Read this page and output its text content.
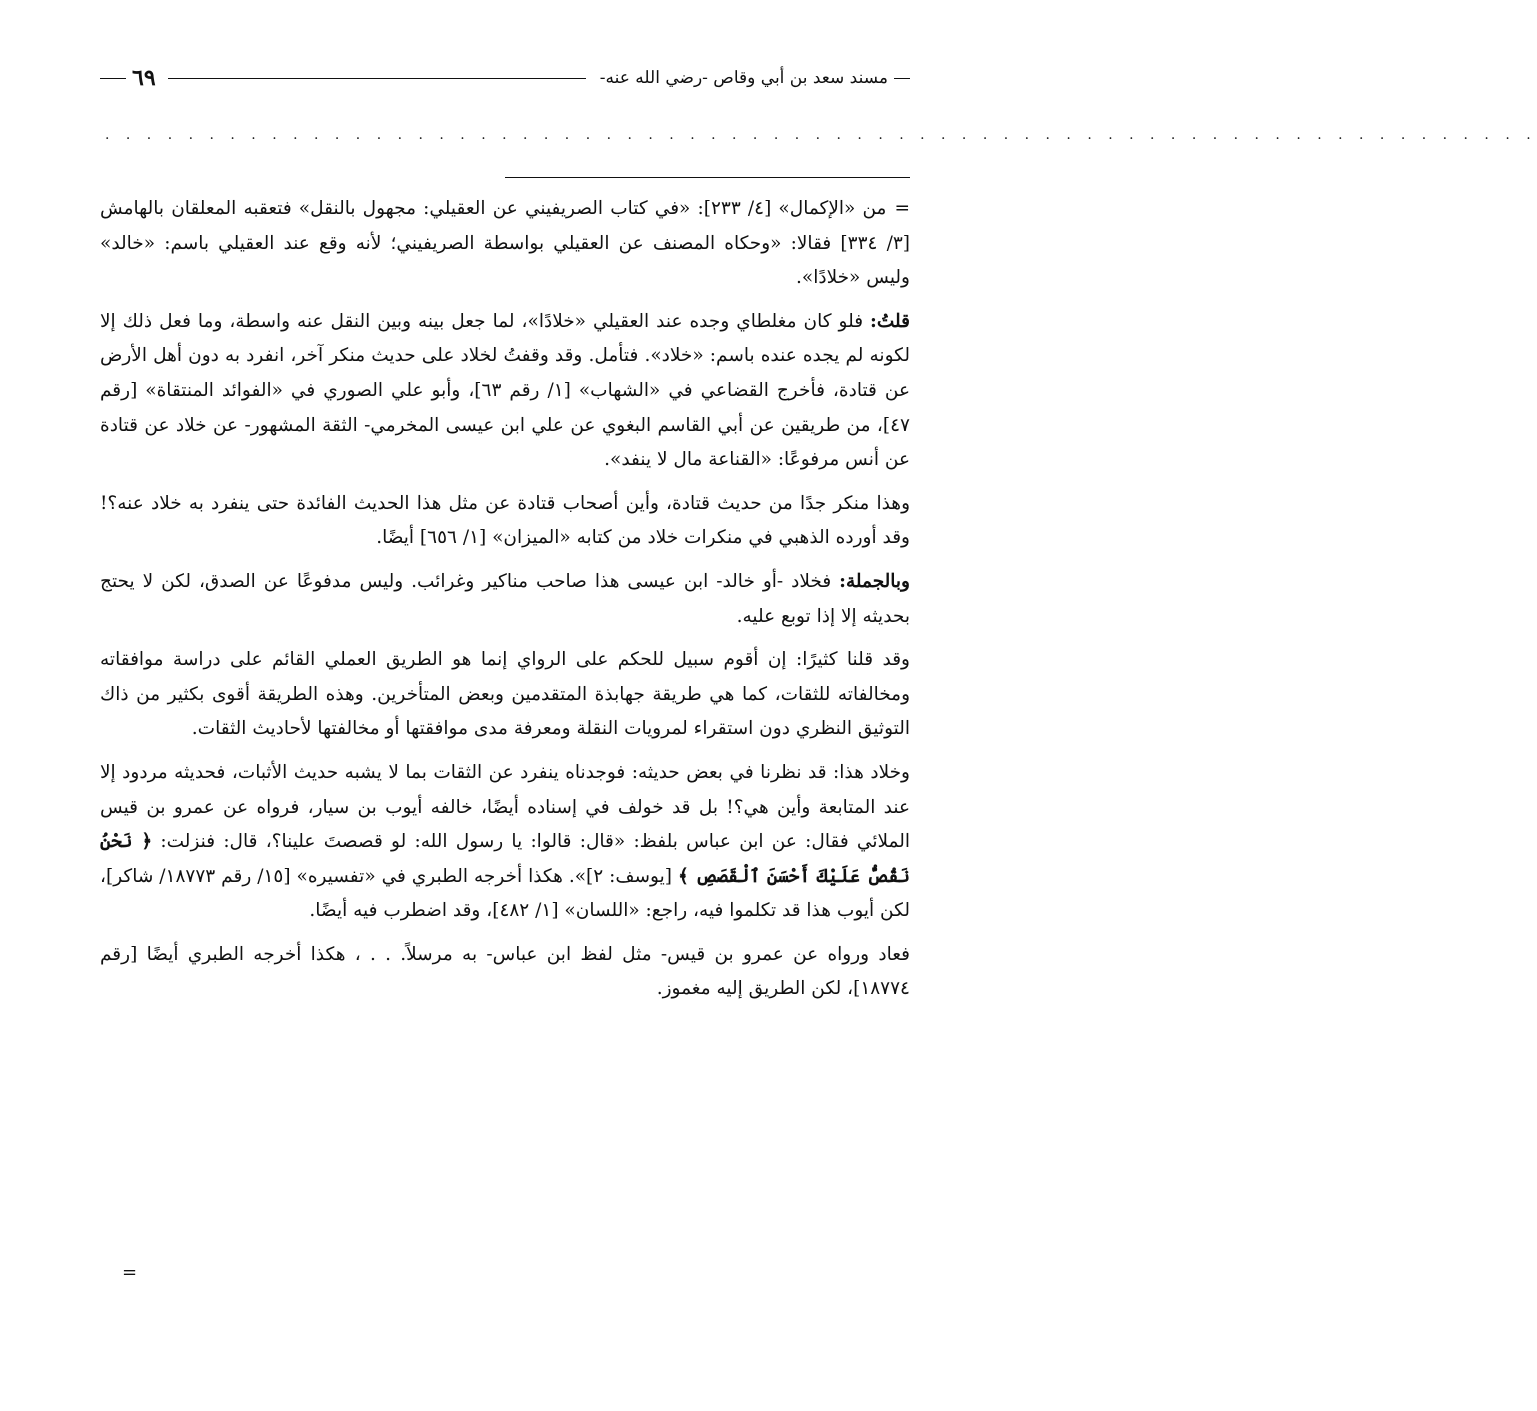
مسند سعد بن أبي وقاص -رضي الله عنه-
٦٩
· · · · · · · · · · · · · · · · · · · · · · · · · · · · · · · · · · · · · · · · · · · · · · · · · · · · · · · · · · · · · · · · · · · · ·

=من «الإكمال» [٤/ ٢٣٣]: «في كتاب الصريفيني عن العقيلي: مجهول بالنقل» فتعقبه المعلقان بالهامش [٣/ ٣٣٤] فقالا: «وحكاه المصنف عن العقيلي بواسطة الصريفيني؛ لأنه وقع عند العقيلي باسم: «خالد» وليس «خلادًا».

قلتُ: فلو كان مغلطاي وجده عند العقيلي «خلادًا»، لما جعل بينه وبين النقل عنه واسطة، وما فعل ذلك إلا لكونه لم يجده عنده باسم: «خلاد». فتأمل. وقد وقفتُ لخلاد على حديث منكر آخر، انفرد به دون أهل الأرض عن قتادة، فأخرج القضاعي في «الشهاب» [١/ رقم ٦٣]، وأبو علي الصوري في «الفوائد المنتقاة» [رقم ٤٧]، من طريقين عن أبي القاسم البغوي عن علي ابن عيسى المخرمي- الثقة المشهور- عن خلاد عن قتادة عن أنس مرفوعًا: «القناعة مال لا ينفد».

وهذا منكر جدًا من حديث قتادة، وأين أصحاب قتادة عن مثل هذا الحديث الفائدة حتى ينفرد به خلاد عنه؟! وقد أورده الذهبي في منكرات خلاد من كتابه «الميزان» [١/ ٦٥٦] أيضًا.

وبالجملة: فخلاد -أو خالد- ابن عيسى هذا صاحب مناكير وغرائب. وليس مدفوعًا عن الصدق، لكن لا يحتج بحديثه إلا إذا توبع عليه.

وقد قلنا كثيرًا: إن أقوم سبيل للحكم على الرواي إنما هو الطريق العملي القائم على دراسة موافقاته ومخالفاته للثقات، كما هي طريقة جهابذة المتقدمين وبعض المتأخرين. وهذه الطريقة أقوى بكثير من ذاك التوثيق النظري دون استقراء لمرويات النقلة ومعرفة مدى موافقتها أو مخالفتها لأحاديث الثقات.

وخلاد هذا: قد نظرنا في بعض حديثه: فوجدناه ينفرد عن الثقات بما لا يشبه حديث الأثبات، فحديثه مردود إلا عند المتابعة وأين هي؟! بل قد خولف في إسناده أيضًا، خالفه أيوب بن سيار، فرواه عن عمرو بن قيس الملائي فقال: عن ابن عباس بلفظ: «قال: قالوا: يا رسول الله: لو قصصتَ علينا؟، قال: فنزلت: ﴿ نَحْنُ نَقُصُّ عَلَيْكَ أَحْسَنَ ٱلْقَصَصِ ﴾ [يوسف: ٢]». هكذا أخرجه الطبري في «تفسيره» [١٥/ رقم ١٨٧٧٣/ شاكر]، لكن أيوب هذا قد تكلموا فيه، راجع: «اللسان» [١/ ٤٨٢]، وقد اضطرب فيه أيضًا.

فعاد ورواه عن عمرو بن قيس- مثل لفظ ابن عباس- به مرسلاً. . . ، هكذا أخرجه الطبري أيضًا [رقم ١٨٧٧٤]، لكن الطريق إليه مغموز.

=
